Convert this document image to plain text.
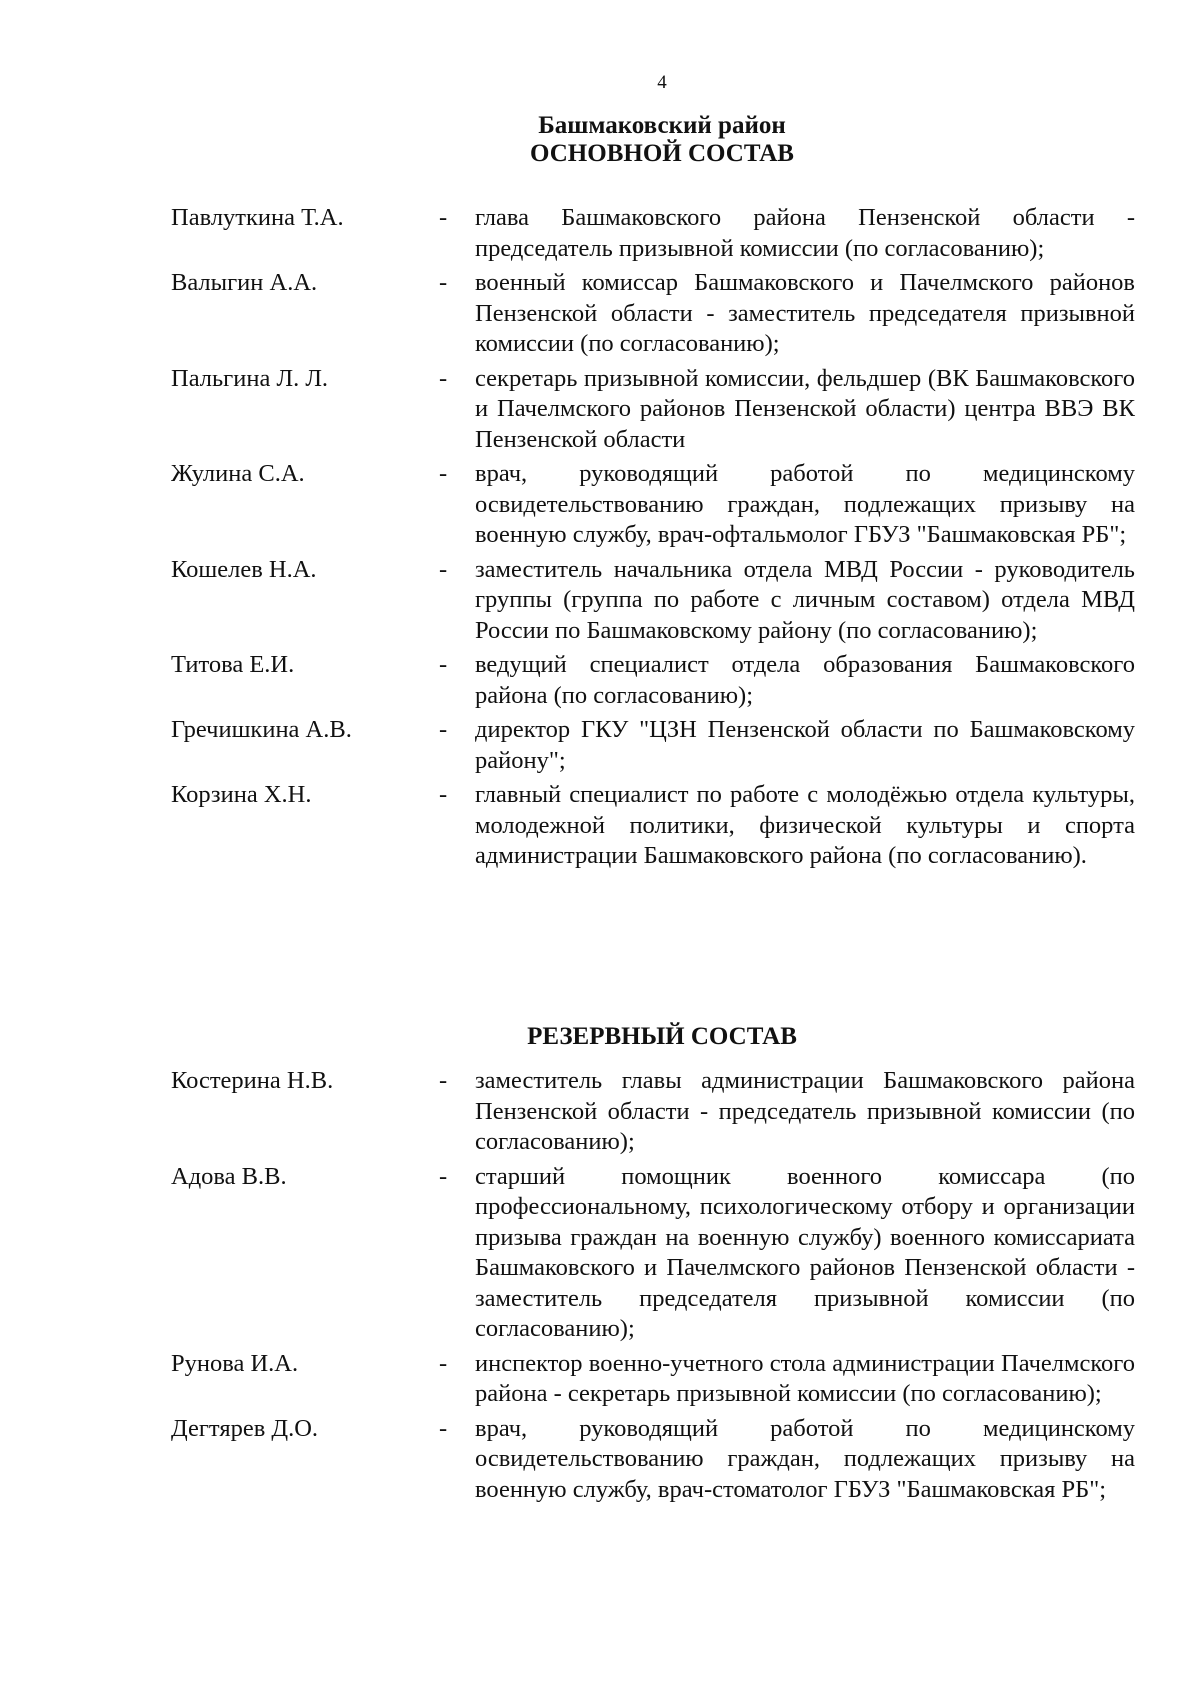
4
Башмаковский район
ОСНОВНОЙ СОСТАВ
Павлуткина Т.А.	-	глава Башмаковского района Пензенской области - председатель призывной комиссии (по согласованию);
Валыгин А.А.	-	военный комиссар Башмаковского и Пачелмского районов Пензенской области - заместитель председателя призывной комиссии (по согласованию);
Пальгина Л. Л.	-	секретарь призывной комиссии, фельдшер (ВК Башмаковского и Пачелмского районов Пензенской области) центра ВВЭ ВК Пензенской области
Жулина С.А.	-	врач, руководящий работой по медицинскому освидетельствованию граждан, подлежащих призыву на военную службу, врач-офтальмолог ГБУЗ "Башмаковская РБ";
Кошелев Н.А.	-	заместитель начальника отдела МВД России - руководитель группы (группа по работе с личным составом) отдела МВД России по Башмаковскому району (по согласованию);
Титова Е.И.	-	ведущий специалист отдела образования Башмаковского района (по согласованию);
Гречишкина А.В.	-	директор ГКУ "ЦЗН Пензенской области по Башмаковскому району";
Корзина Х.Н.	-	главный специалист по работе с молодёжью отдела культуры, молодежной политики, физической культуры и спорта администрации Башмаковского района (по согласованию).
РЕЗЕРВНЫЙ СОСТАВ
Костерина Н.В.	-	заместитель главы администрации Башмаковского района Пензенской области - председатель призывной комиссии (по согласованию);
Адова В.В.	-	старший помощник военного комиссара (по профессиональному, психологическому отбору и организации призыва граждан на военную службу) военного комиссариата Башмаковского и Пачелмского районов Пензенской области - заместитель председателя призывной комиссии (по согласованию);
Рунова И.А.	-	инспектор военно-учетного стола администрации Пачелмского района - секретарь призывной комиссии (по согласованию);
Дегтярев Д.О.	-	врач, руководящий работой по медицинскому освидетельствованию граждан, подлежащих призыву на военную службу, врач-стоматолог ГБУЗ "Башмаковская РБ";
